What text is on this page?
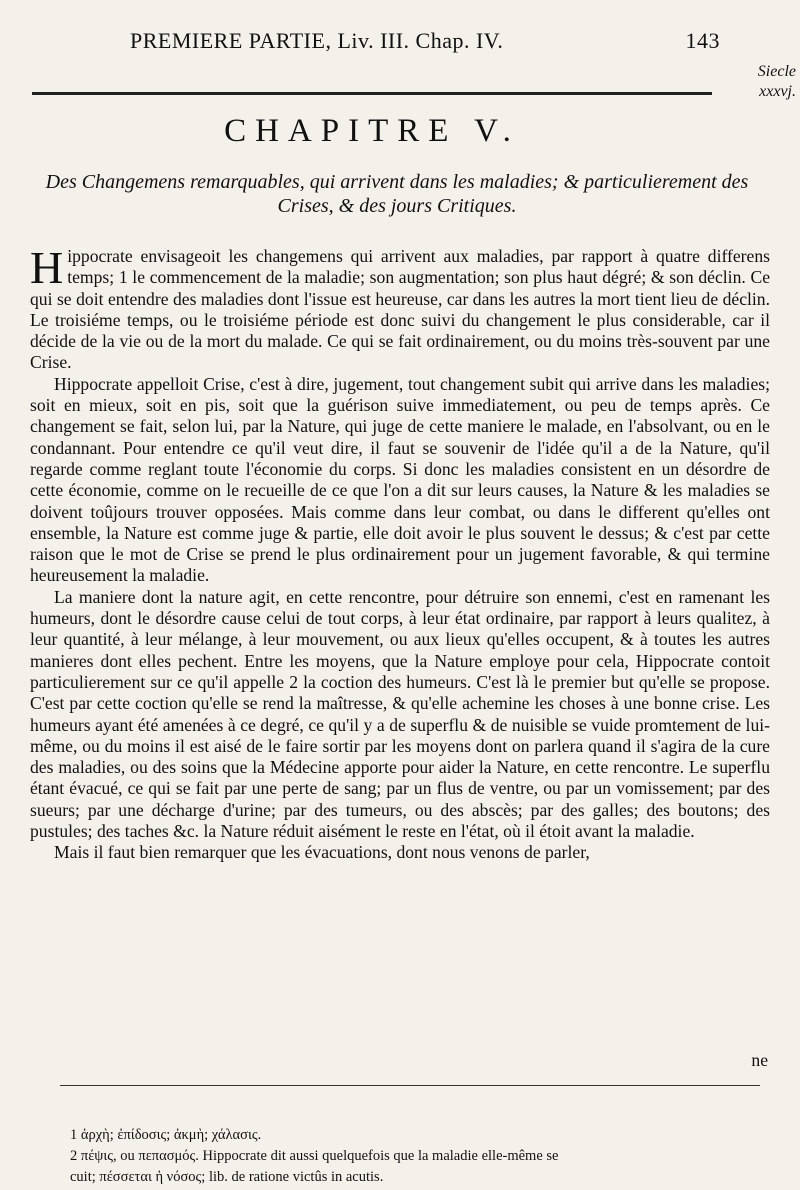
PREMIERE PARTIE, Liv. III. Chap. IV.	143
Siecle xxxvj.
CHAPITRE V.
Des Changemens remarquables, qui arrivent dans les maladies; & particulierement des Crises, & des jours Critiques.

Hippocrate envisageoit les changemens qui arrivent aux maladies, par rapport à quatre differens temps; 1 le commencement de la maladie; son augmentation; son plus haut dégré; & son déclin. Ce qui se doit entendre des maladies dont l'issue est heureuse, car dans les autres la mort tient lieu de déclin. Le troisiéme temps, ou le troisiéme période est donc suivi du changement le plus considerable, car il décide de la vie ou de la mort du malade. Ce qui se fait ordinairement, ou du moins très-souvent par une Crise.

Hippocrate appelloit Crise, c'est à dire, jugement, tout changement subit qui arrive dans les maladies; soit en mieux, soit en pis, soit que la guérison suive immediatement, ou peu de temps après. Ce changement se fait, selon lui, par la Nature, qui juge de cette maniere le malade, en l'absolvant, ou en le condannant. Pour entendre ce qu'il veut dire, il faut se souvenir de l'idée qu'il a de la Nature, qu'il regarde comme reglant toute l'économie du corps. Si donc les maladies consistent en un désordre de cette économie, comme on le recueille de ce que l'on a dit sur leurs causes, la Nature & les maladies se doivent toûjours trouver opposées. Mais comme dans leur combat, ou dans le different qu'elles ont ensemble, la Nature est comme juge & partie, elle doit avoir le plus souvent le dessus; & c'est par cette raison que le mot de Crise se prend le plus ordinairement pour un jugement favorable, & qui termine heureusement la maladie.

La maniere dont la nature agit, en cette rencontre, pour détruire son ennemi, c'est en ramenant les humeurs, dont le désordre cause celui de tout corps, à leur état ordinaire, par rapport à leurs qualitez, à leur quantité, à leur mélange, à leur mouvement, ou aux lieux qu'elles occupent, & à toutes les autres manieres dont elles pechent. Entre les moyens, que la Nature employe pour cela, Hippocrate contoit particulierement sur ce qu'il appelle 2 la coction des humeurs. C'est là le premier but qu'elle se propose. C'est par cette coction qu'elle se rend la maîtresse, & qu'elle achemine les choses à une bonne crise. Les humeurs ayant été amenées à ce degré, ce qu'il y a de superflu & de nuisible se vuide promtement de lui-même, ou du moins il est aisé de le faire sortir par les moyens dont on parlera quand il s'agira de la cure des maladies, ou des soins que la Médecine apporte pour aider la Nature, en cette rencontre. Le superflu étant évacué, ce qui se fait par une perte de sang; par un flus de ventre, ou par un vomissement; par des sueurs; par une décharge d'urine; par des tumeurs, ou des abscès; par des galles; des boutons; des pustules; des taches &c. la Nature réduit aisément le reste en l'état, où il étoit avant la maladie.

Mais il faut bien remarquer que les évacuations, dont nous venons de parler,

ne
1 ἀρχὴ; ἐπίδοσις; ἀκμὴ; χάλασις.
2 πέψις, ou πεπασμός. Hippocrate dit aussi quelquefois que la maladie elle-même se
cuit; πέσσεται ἡ νόσος; lib. de ratione victûs in acutis.
